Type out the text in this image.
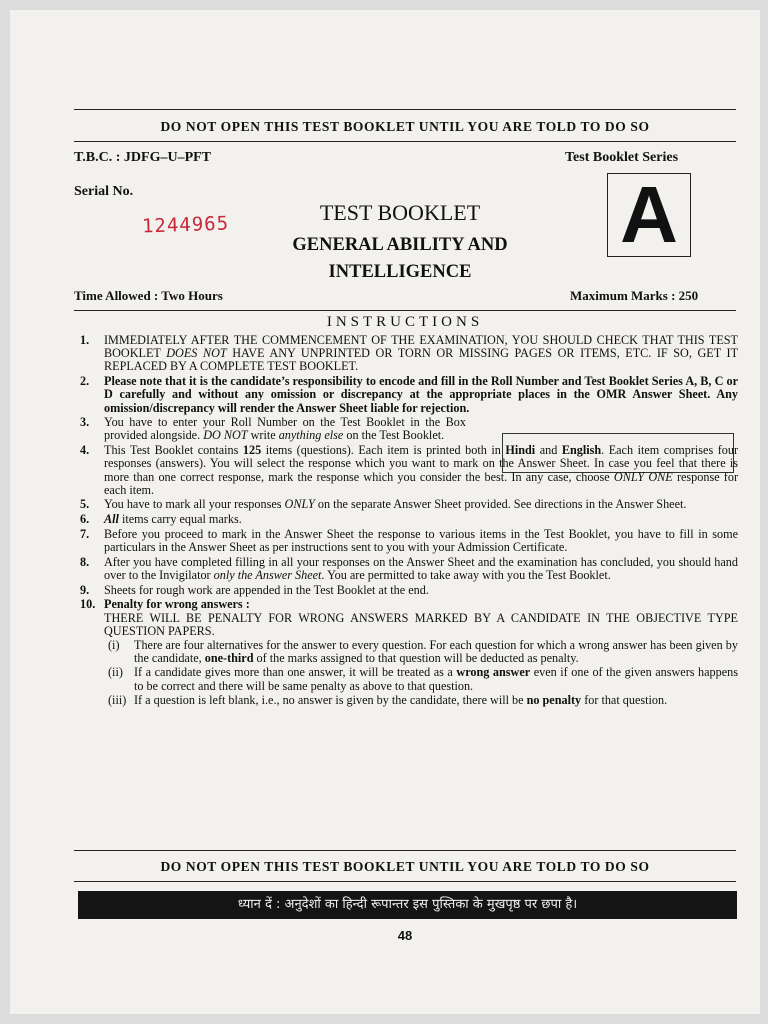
DO NOT OPEN THIS TEST BOOKLET UNTIL YOU ARE TOLD TO DO SO
T.B.C. : JDFG–U–PFT	Test Booklet Series
Serial No.
1244965	TEST BOOKLET
GENERAL ABILITY AND
INTELLIGENCE
A
Time Allowed : Two Hours	Maximum Marks : 250
INSTRUCTIONS
1. IMMEDIATELY AFTER THE COMMENCEMENT OF THE EXAMINATION, YOU SHOULD CHECK THAT THIS TEST BOOKLET DOES NOT HAVE ANY UNPRINTED OR TORN OR MISSING PAGES OR ITEMS, ETC. IF SO, GET IT REPLACED BY A COMPLETE TEST BOOKLET.
2. Please note that it is the candidate’s responsibility to encode and fill in the Roll Number and Test Booklet Series A, B, C or D carefully and without any omission or discrepancy at the appropriate places in the OMR Answer Sheet. Any omission/discrepancy will render the Answer Sheet liable for rejection.
3. You have to enter your Roll Number on the Test Booklet in the Box provided alongside. DO NOT write anything else on the Test Booklet.
4. This Test Booklet contains 125 items (questions). Each item is printed both in Hindi and English. Each item comprises four responses (answers). You will select the response which you want to mark on the Answer Sheet. In case you feel that there is more than one correct response, mark the response which you consider the best. In any case, choose ONLY ONE response for each item.
5. You have to mark all your responses ONLY on the separate Answer Sheet provided. See directions in the Answer Sheet.
6. All items carry equal marks.
7. Before you proceed to mark in the Answer Sheet the response to various items in the Test Booklet, you have to fill in some particulars in the Answer Sheet as per instructions sent to you with your Admission Certificate.
8. After you have completed filling in all your responses on the Answer Sheet and the examination has concluded, you should hand over to the Invigilator only the Answer Sheet. You are permitted to take away with you the Test Booklet.
9. Sheets for rough work are appended in the Test Booklet at the end.
10. Penalty for wrong answers :
THERE WILL BE PENALTY FOR WRONG ANSWERS MARKED BY A CANDIDATE IN THE OBJECTIVE TYPE QUESTION PAPERS.
(i) There are four alternatives for the answer to every question. For each question for which a wrong answer has been given by the candidate, one-third of the marks assigned to that question will be deducted as penalty.
(ii) If a candidate gives more than one answer, it will be treated as a wrong answer even if one of the given answers happens to be correct and there will be same penalty as above to that question.
(iii) If a question is left blank, i.e., no answer is given by the candidate, there will be no penalty for that question.
DO NOT OPEN THIS TEST BOOKLET UNTIL YOU ARE TOLD TO DO SO
ध्यान दें : अनुदेशों का हिन्दी रूपान्तर इस पुस्तिका के मुखपृष्ठ पर छपा है।
48
